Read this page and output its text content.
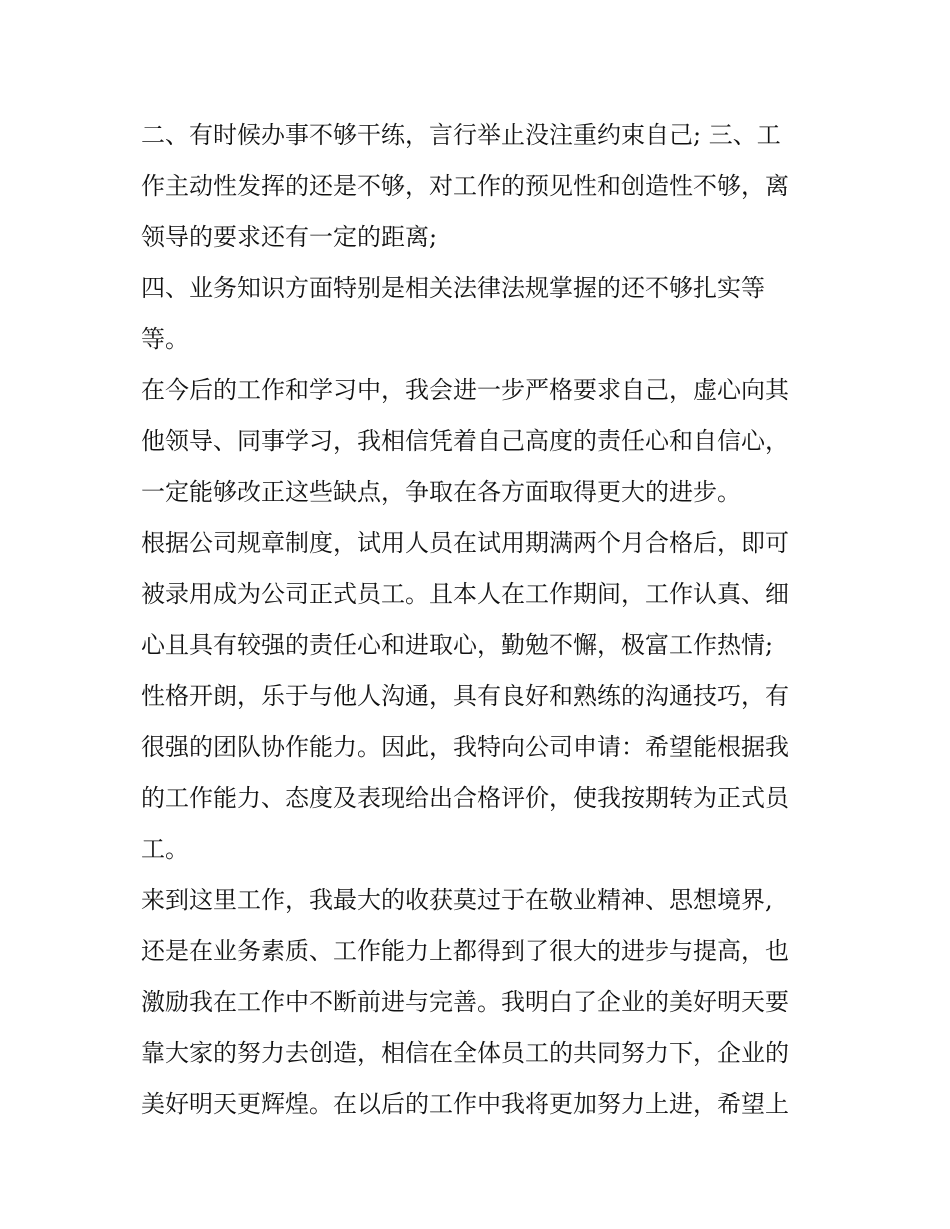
二、有时候办事不够干练，言行举止没注重约束自己; 三、工
作主动性发挥的还是不够，对工作的预见性和创造性不够，离
领导的要求还有一定的距离;
四、业务知识方面特别是相关法律法规掌握的还不够扎实等
等。
在今后的工作和学习中，我会进一步严格要求自己，虚心向其
他领导、同事学习，我相信凭着自己高度的责任心和自信心，
一定能够改正这些缺点，争取在各方面取得更大的进步。
根据公司规章制度，试用人员在试用期满两个月合格后，即可
被录用成为公司正式员工。且本人在工作期间，工作认真、细
心且具有较强的责任心和进取心，勤勉不懈，极富工作热情;
性格开朗，乐于与他人沟通，具有良好和熟练的沟通技巧，有
很强的团队协作能力。因此，我特向公司申请：希望能根据我
的工作能力、态度及表现给出合格评价，使我按期转为正式员
工。
来到这里工作，我最大的收获莫过于在敬业精神、思想境界,
还是在业务素质、工作能力上都得到了很大的进步与提高，也
激励我在工作中不断前进与完善。我明白了企业的美好明天要
靠大家的努力去创造，相信在全体员工的共同努力下，企业的
美好明天更辉煌。在以后的工作中我将更加努力上进，希望上
